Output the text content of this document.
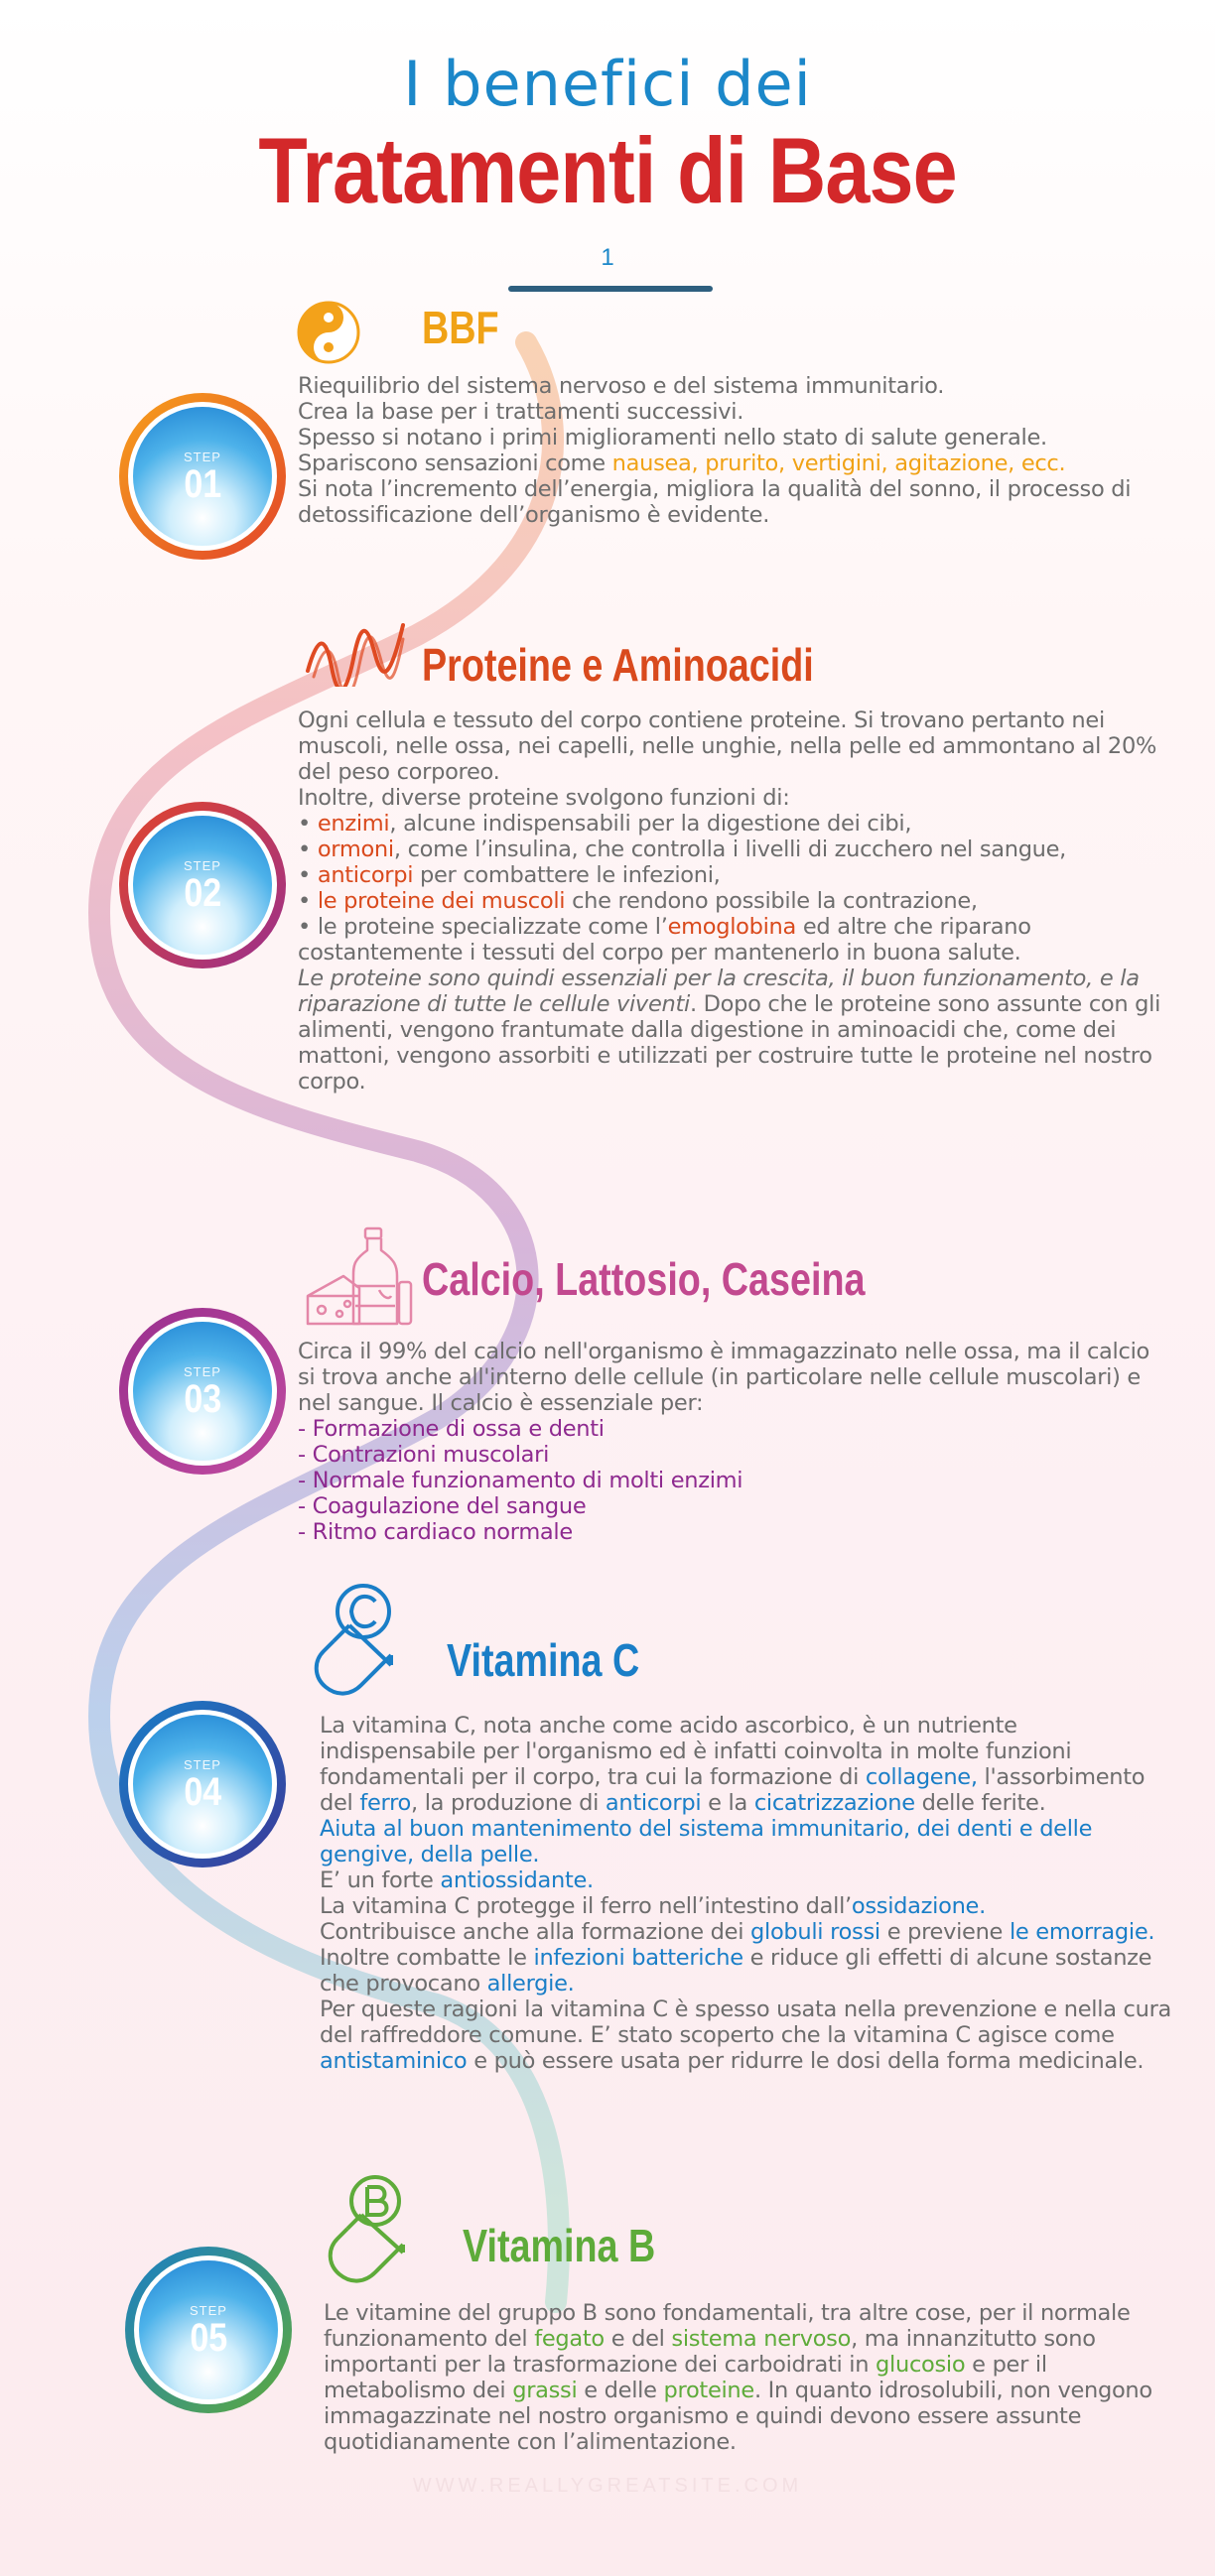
I benefici dei
Tratamenti di Base
1
STEP
01
BBF

Riequilibrio del sistema nervoso e del sistema immunitario.

Crea la base per i trattamenti successivi.

Spesso si notano i primi miglioramenti nello stato di salute generale.

Spariscono sensazioni come nausea, prurito, vertigini, agitazione, ecc.

Si nota l’incremento dell’energia, migliora la qualità del sonno, il processo di detossificazione dell’organismo è evidente.

STEP
02
Proteine e Aminoacidi

Ogni cellula e tessuto del corpo contiene proteine. Si trovano pertanto nei muscoli, nelle ossa, nei capelli, nelle unghie, nella pelle ed ammontano al 20% del peso corporeo.

Inoltre, diverse proteine svolgono funzioni di:

• enzimi, alcune indispensabili per la digestione dei cibi,

• ormoni, come l’insulina, che controlla i livelli di zucchero nel sangue,

• anticorpi per combattere le infezioni,

• le proteine dei muscoli che rendono possibile la contrazione,

• le proteine specializzate come l’emoglobina ed altre che riparano costantemente i tessuti del corpo per mantenerlo in buona salute.

Le proteine sono quindi essenziali per la crescita, il buon funzionamento, e la riparazione di tutte le cellule viventi. Dopo che le proteine sono assunte con gli alimenti, vengono frantumate dalla digestione in aminoacidi che, come dei mattoni, vengono assorbiti e utilizzati per costruire tutte le proteine nel nostro corpo.

STEP
03
Calcio, Lattosio, Caseina

Circa il 99% del calcio nell'organismo è immagazzinato nelle ossa, ma il calcio si trova anche all'interno delle cellule (in particolare nelle cellule muscolari) e nel sangue. Il calcio è essenziale per:

- Formazione di ossa e denti

- Contrazioni muscolari

- Normale funzionamento di molti enzimi

- Coagulazione del sangue

- Ritmo cardiaco normale

STEP
04
Vitamina C

La vitamina C, nota anche come acido ascorbico, è un nutriente indispensabile per l'organismo ed è infatti coinvolta in molte funzioni fondamentali per il corpo, tra cui la formazione di collagene, l'assorbimento del ferro, la produzione di anticorpi e la cicatrizzazione delle ferite.

Aiuta al buon mantenimento del sistema immunitario, dei denti e delle gengive, della pelle.

E’ un forte antiossidante.

La vitamina C protegge il ferro nell’intestino dall’ossidazione.

Contribuisce anche alla formazione dei globuli rossi e previene le emorragie.

Inoltre combatte le infezioni batteriche e riduce gli effetti di alcune sostanze che provocano allergie.

Per queste ragioni la vitamina C è spesso usata nella prevenzione e nella cura del raffreddore comune. E’ stato scoperto che la vitamina C agisce come antistaminico e può essere usata per ridurre le dosi della forma medicinale.

STEP
05
Vitamina B

Le vitamine del gruppo B sono fondamentali, tra altre cose, per il normale funzionamento del fegato e del sistema nervoso, ma innanzitutto sono importanti per la trasformazione dei carboidrati in glucosio e per il metabolismo dei grassi e delle proteine. In quanto idrosolubili, non vengono immagazzinate nel nostro organismo e quindi devono essere assunte quotidianamente con l’alimentazione.

WWW.REALLYGREATSITE.COM
